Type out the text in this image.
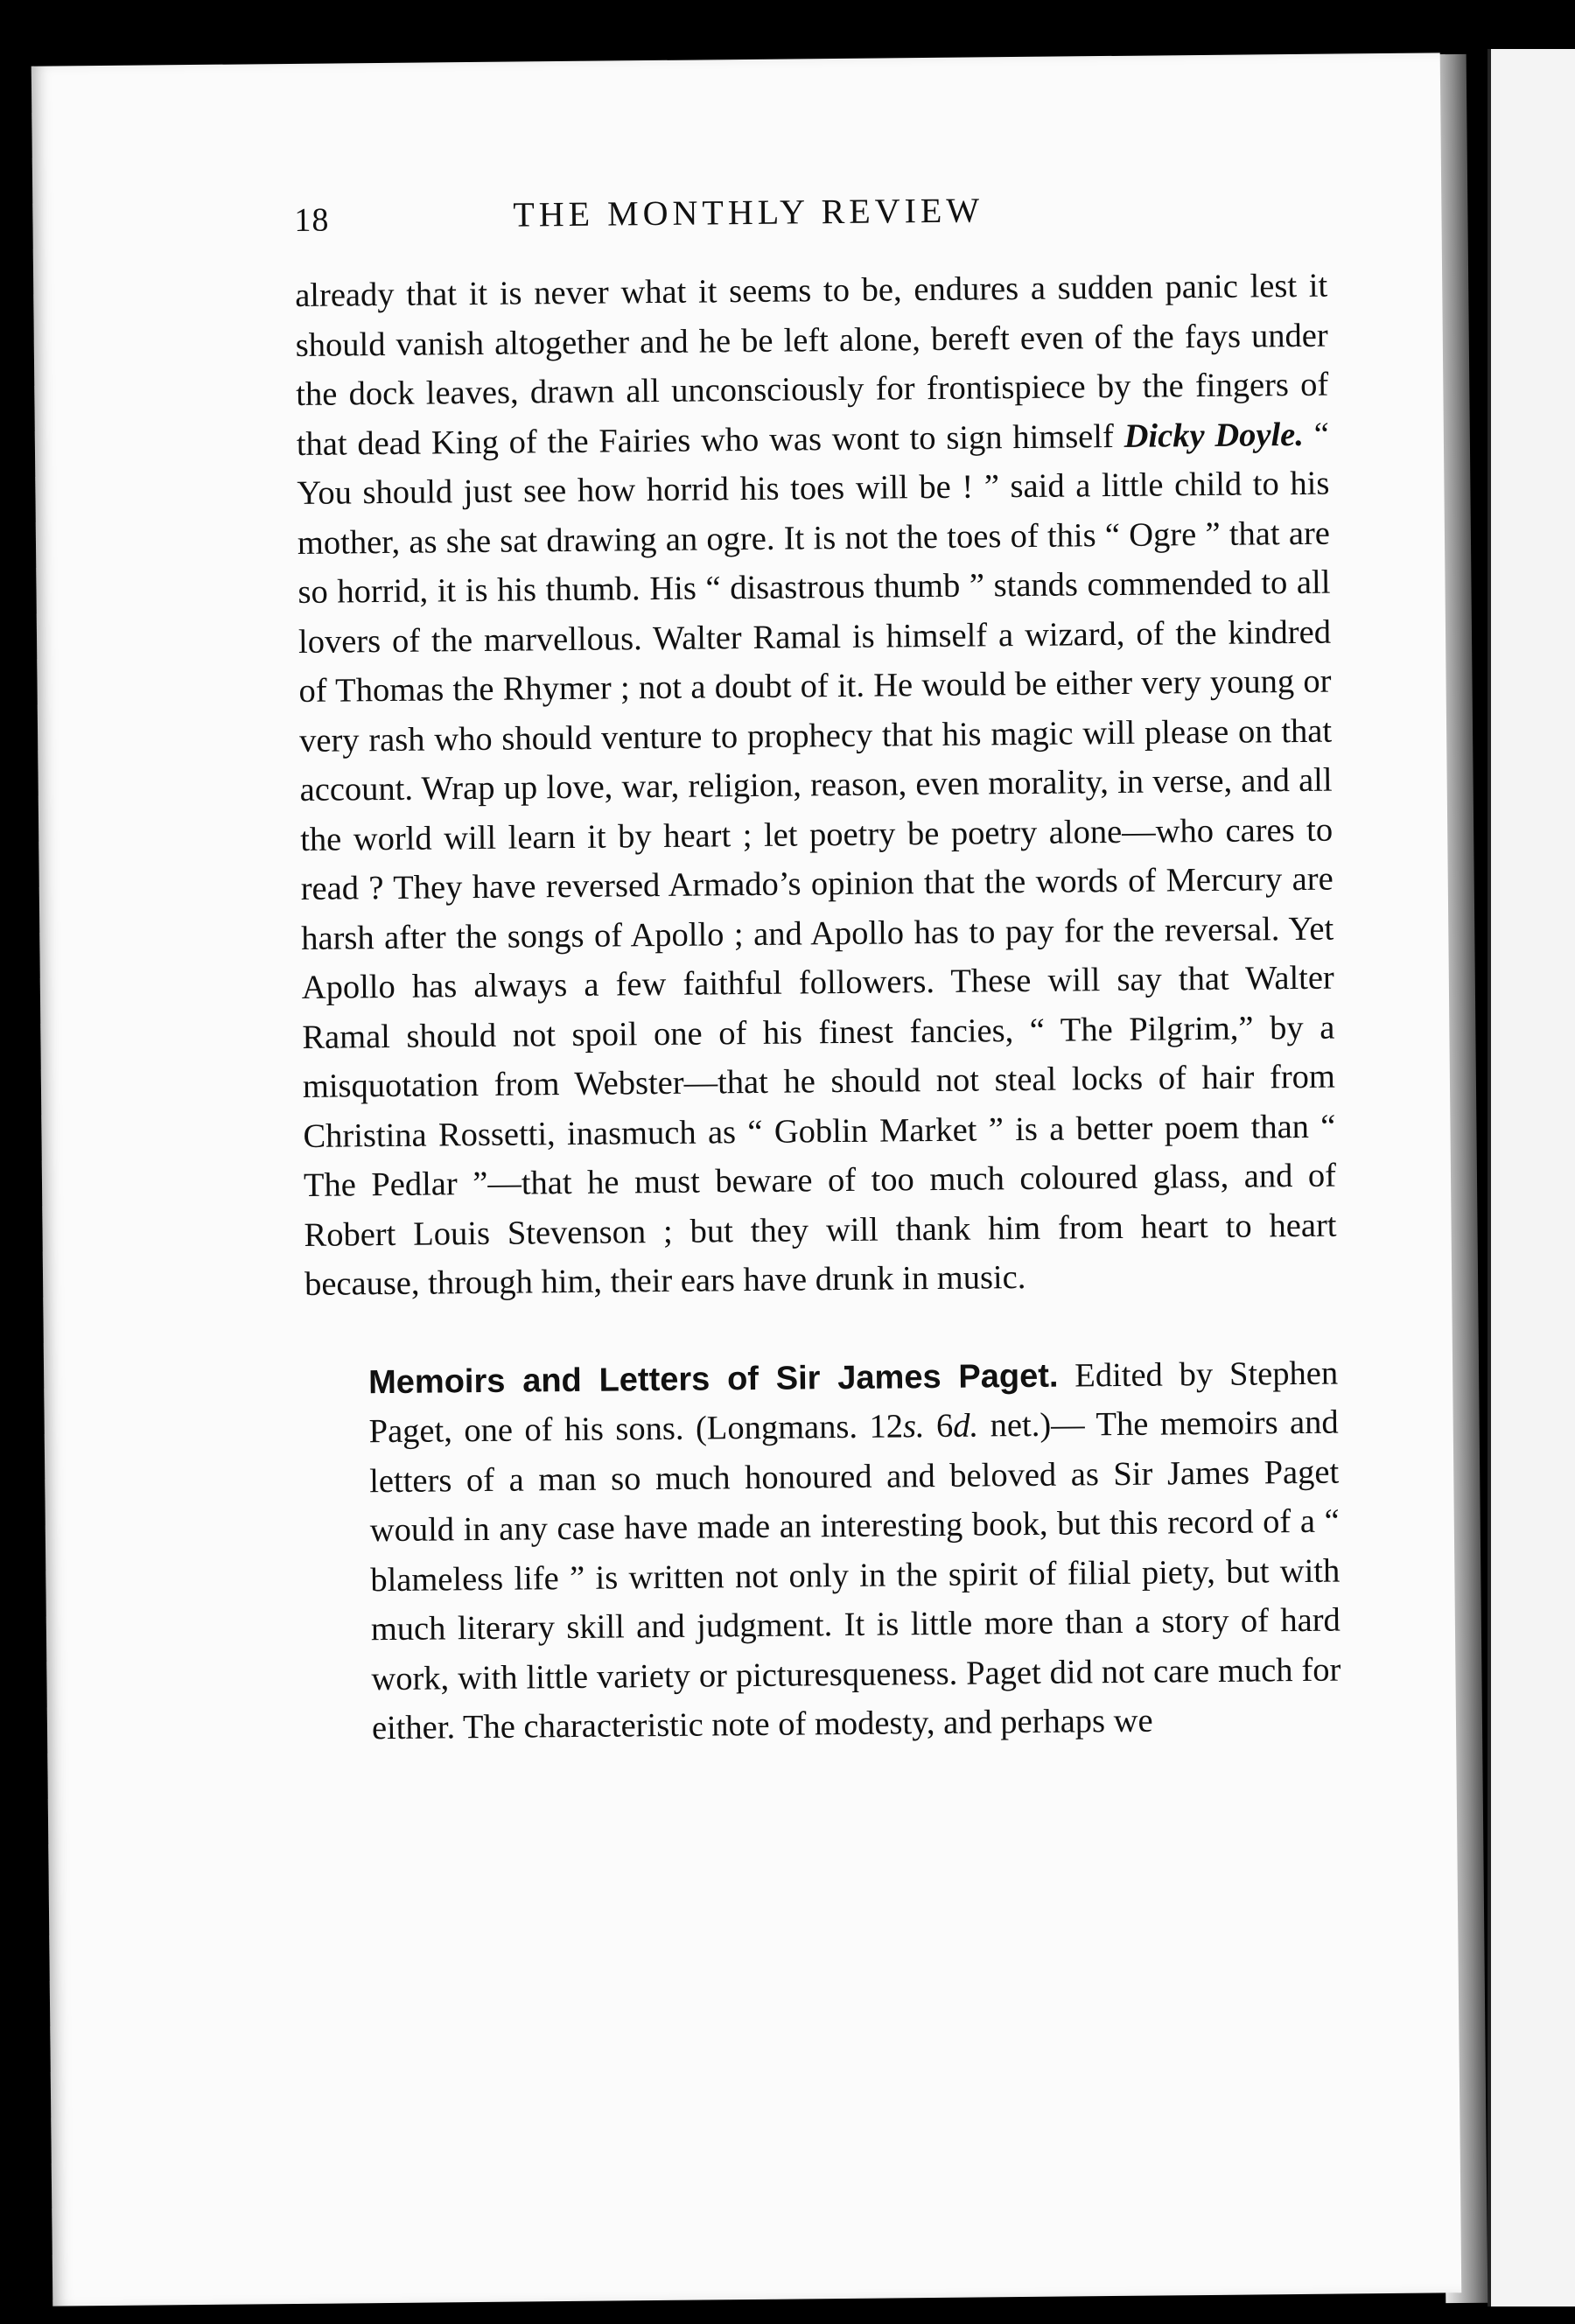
18	THE MONTHLY REVIEW

already that it is never what it seems to be, endures a sudden panic lest it should vanish altogether and he be left alone, bereft even of the fays under the dock leaves, drawn all unconsciously for frontispiece by the fingers of that dead King of the Fairies who was wont to sign himself Dicky Doyle. “ You should just see how horrid his toes will be ! ” said a little child to his mother, as she sat drawing an ogre. It is not the toes of this “ Ogre ” that are so horrid, it is his thumb. His “ disastrous thumb ” stands commended to all lovers of the marvellous. Walter Ramal is himself a wizard, of the kindred of Thomas the Rhymer ; not a doubt of it. He would be either very young or very rash who should venture to prophecy that his magic will please on that account. Wrap up love, war, religion, reason, even morality, in verse, and all the world will learn it by heart ; let poetry be poetry alone—who cares to read ? They have reversed Armado’s opinion that the words of Mercury are harsh after the songs of Apollo ; and Apollo has to pay for the reversal. Yet Apollo has always a few faithful followers. These will say that Walter Ramal should not spoil one of his finest fancies, “ The Pilgrim,” by a misquotation from Webster—that he should not steal locks of hair from Christina Rossetti, inasmuch as “ Goblin Market ” is a better poem than “ The Pedlar ”—that he must beware of too much coloured glass, and of Robert Louis Stevenson ; but they will thank him from heart to heart because, through him, their ears have drunk in music.

Memoirs and Letters of Sir James Paget. Edited by Stephen Paget, one of his sons. (Longmans. 12s. 6d. net.)— The memoirs and letters of a man so much honoured and beloved as Sir James Paget would in any case have made an interesting book, but this record of a “ blameless life ” is written not only in the spirit of filial piety, but with much literary skill and judgment. It is little more than a story of hard work, with little variety or picturesqueness. Paget did not care much for either. The characteristic note of modesty, and perhaps we
